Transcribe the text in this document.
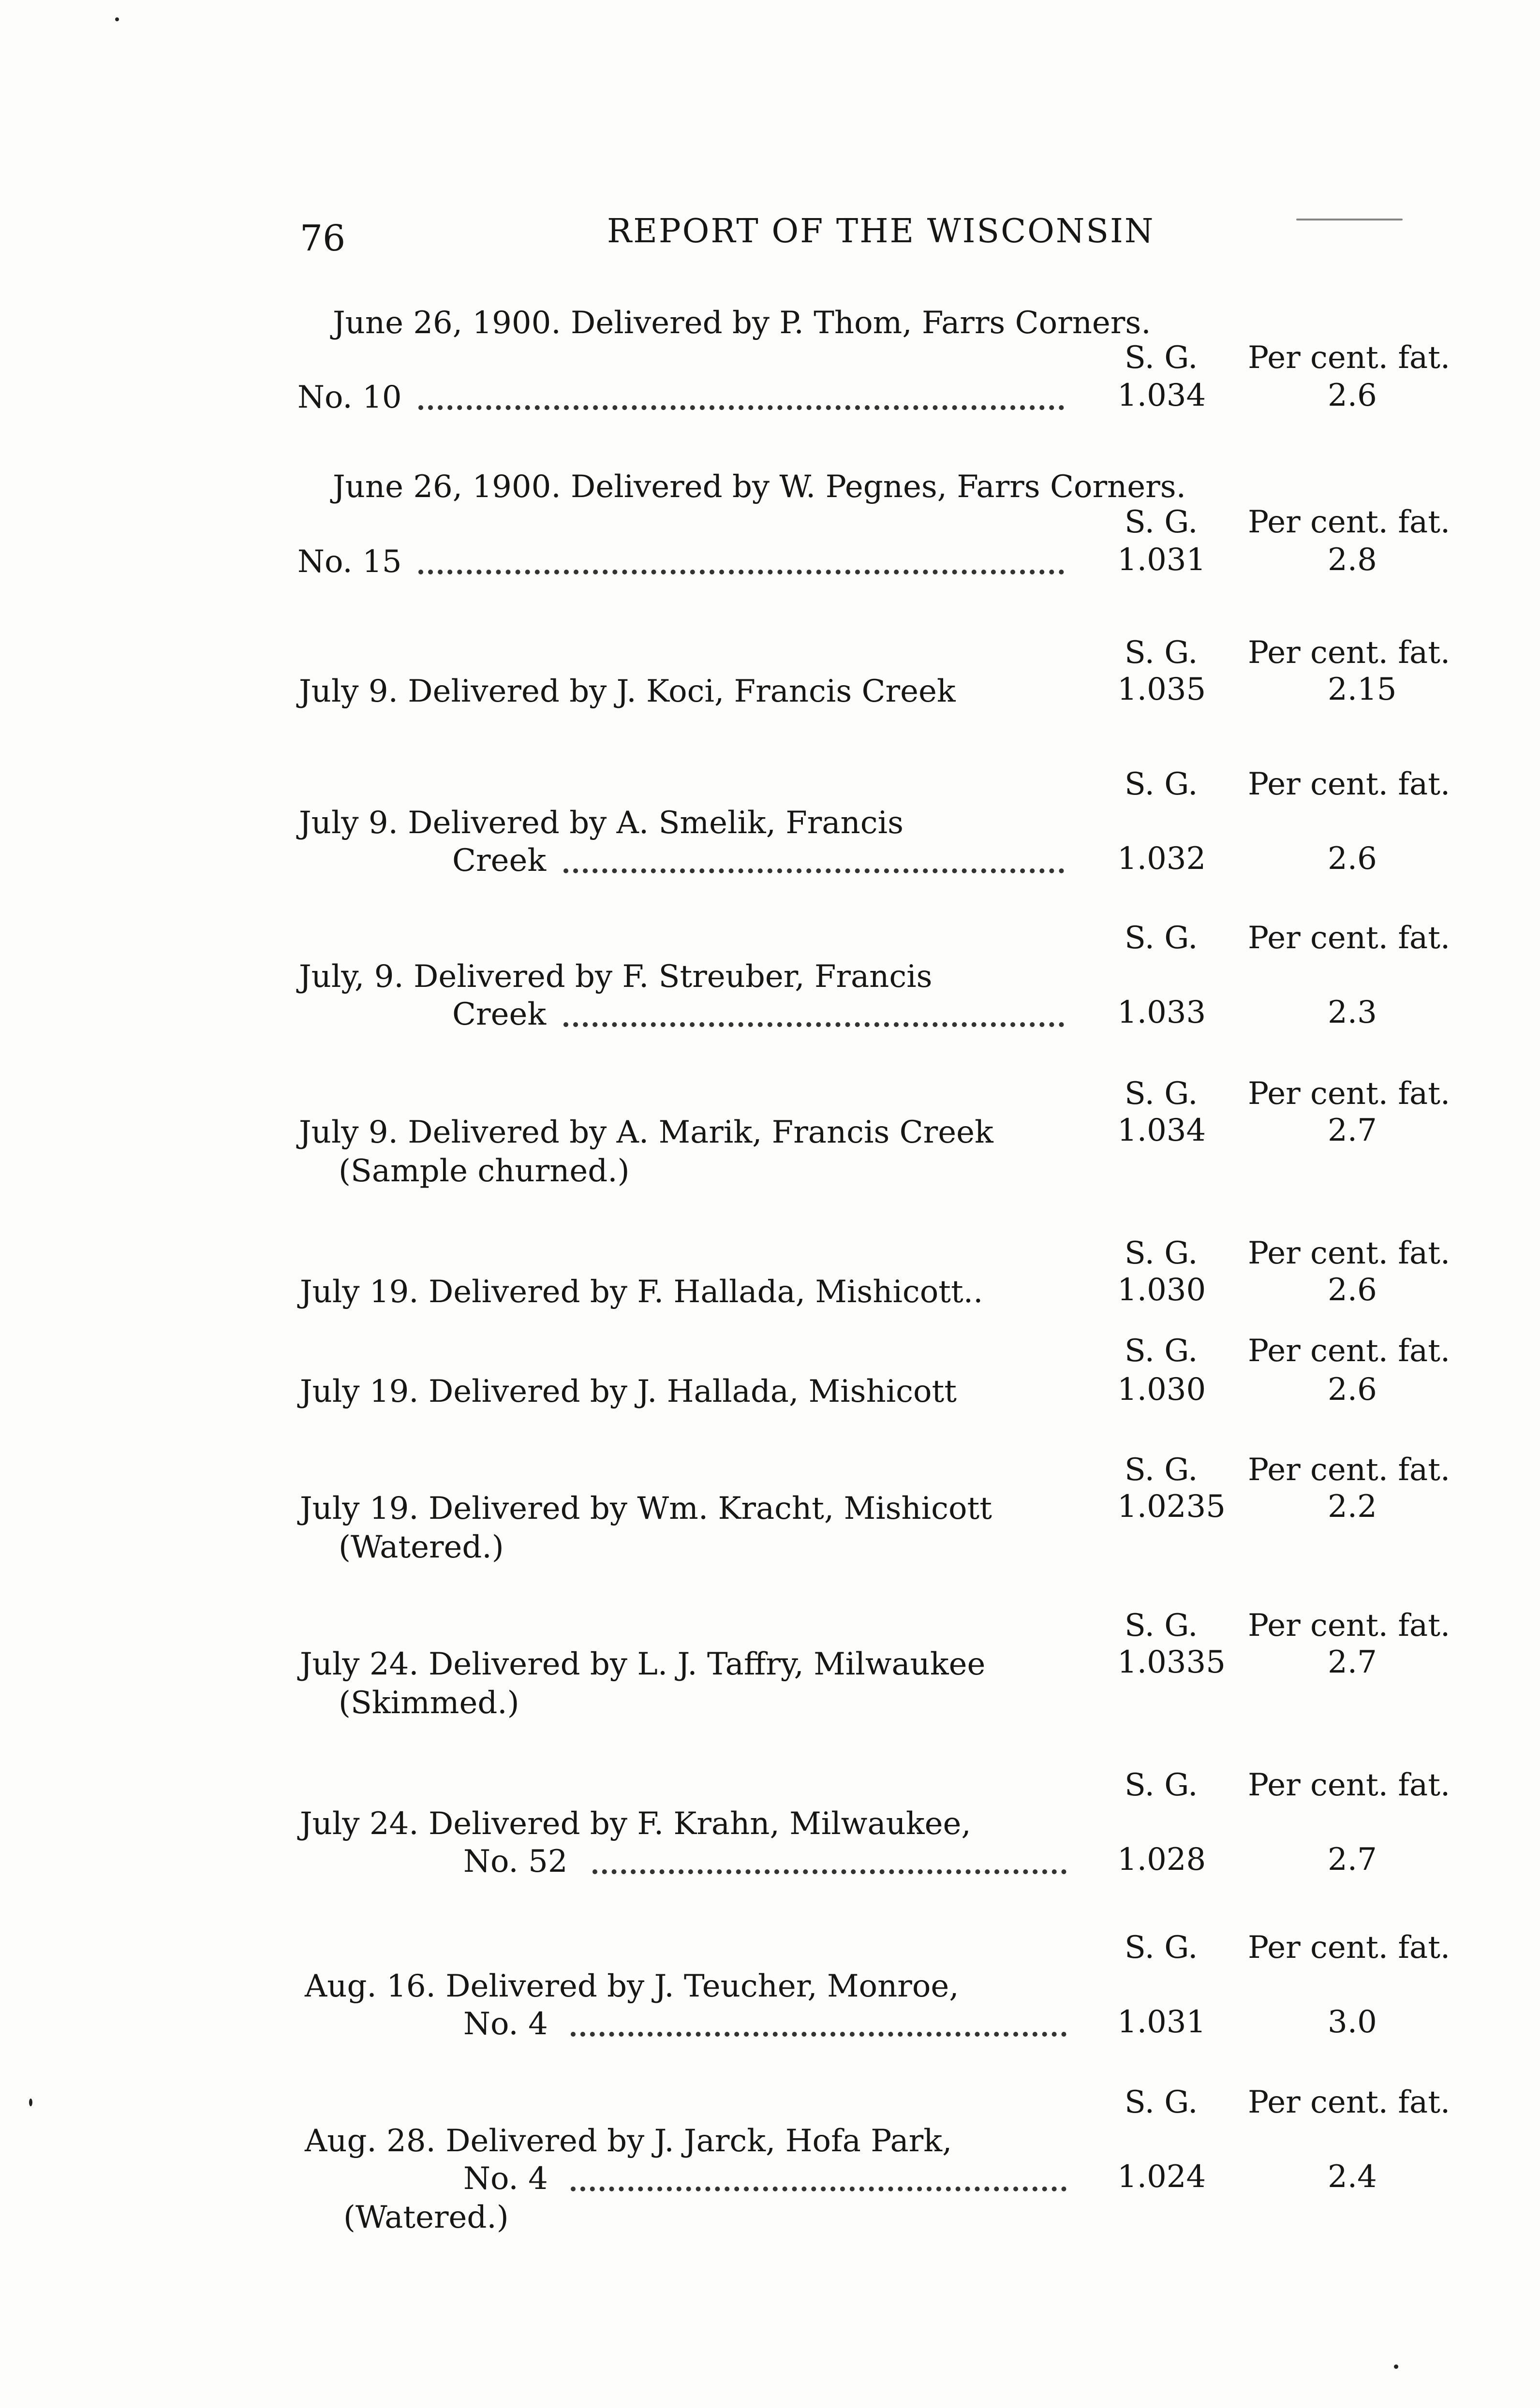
76	REPORT OF THE WISCONSIN
June 26, 1900. Delivered by P. Thom, Farrs Corners.
S. G. Per cent. fat.
No. 10	1.034	2.6
June 26, 1900. Delivered by W. Pegnes, Farrs Corners.
S. G. Per cent. fat.
No. 15	1.031	2.8
S. G. Per cent. fat.
July 9. Delivered by J. Koci, Francis Creek	1.035	2.15
S. G. Per cent. fat.
July 9. Delivered by A. Smelik, Francis
Creek	1.032	2.6
S. G. Per cent. fat.
July, 9. Delivered by F. Streuber, Francis
Creek	1.033	2.3
S. G. Per cent. fat.
July 9. Delivered by A. Marik, Francis Creek	1.034	2.7
(Sample churned.)
S. G. Per cent. fat.
July 19. Delivered by F. Hallada, Mishicott..	1.030	2.6
S. G. Per cent. fat.
July 19. Delivered by J. Hallada, Mishicott	1.030	2.6
S. G. Per cent. fat.
July 19. Delivered by Wm. Kracht, Mishicott	1.0235	2.2
(Watered.)
S. G. Per cent. fat.
July 24. Delivered by L. J. Taffry, Milwaukee	1.0335	2.7
(Skimmed.)
S. G. Per cent. fat.
July 24. Delivered by F. Krahn, Milwaukee,
No. 52	1.028	2.7
S. G. Per cent. fat.
Aug. 16. Delivered by J. Teucher, Monroe,
No. 4	1.031	3.0
S. G. Per cent. fat.
Aug. 28. Delivered by J. Jarck, Hofa Park,
No. 4	1.024	2.4
(Watered.)
